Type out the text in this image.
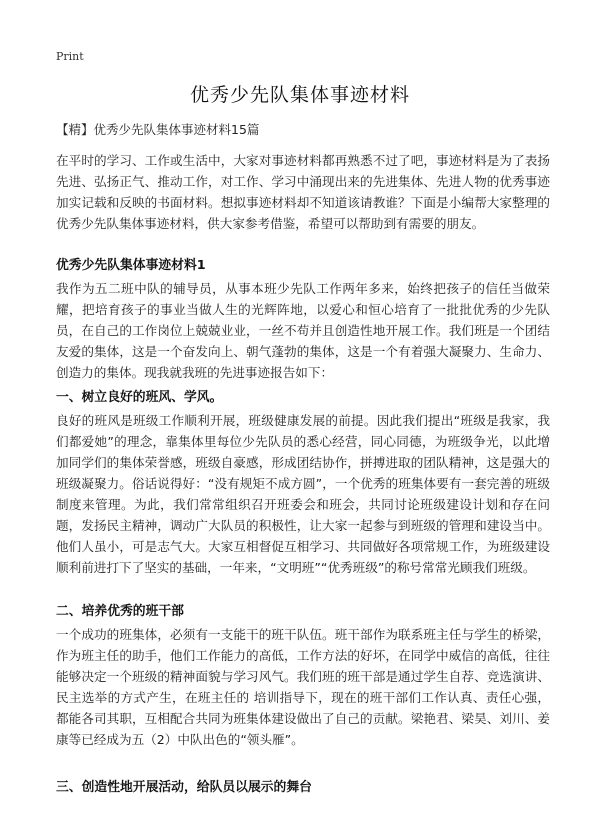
Print
优秀少先队集体事迹材料
【精】优秀少先队集体事迹材料15篇

在平时的学习、工作或生活中，大家对事迹材料都再熟悉不过了吧，事迹材料是为了表扬先进、弘扬正气、推动工作，对工作、学习中涌现出来的先进集体、先进人物的优秀事迹加实记载和反映的书面材料。想拟事迹材料却不知道该请教谁？下面是小编帮大家整理的优秀少先队集体事迹材料，供大家参考借鉴，希望可以帮助到有需要的朋友。

优秀少先队集体事迹材料1

我作为五二班中队的辅导员，从事本班少先队工作两年多来，始终把孩子的信任当做荣耀，把培育孩子的事业当做人生的光辉阵地，以爱心和恒心培育了一批批优秀的少先队员，在自己的工作岗位上兢兢业业，一丝不苟并且创造性地开展工作。我们班是一个团结友爱的集体，这是一个奋发向上、朝气蓬勃的集体，这是一个有着强大凝聚力、生命力、创造力的集体。现我就我班的先进事迹报告如下：

一、树立良好的班风、学风。

良好的班风是班级工作顺利开展，班级健康发展的前提。因此我们提出“班级是我家，我们都爱她”的理念，靠集体里每位少先队员的悉心经营，同心同德，为班级争光，以此增加同学们的集体荣誉感，班级自豪感，形成团结协作，拼搏进取的团队精神，这是强大的班级凝聚力。俗话说得好：“没有规矩不成方圆”，一个优秀的班集体要有一套完善的班级制度来管理。为此，我们常常组织召开班委会和班会，共同讨论班级建设计划和存在问题，发扬民主精神，调动广大队员的积极性，让大家一起参与到班级的管理和建设当中。他们人虽小，可是志气大。大家互相督促互相学习、共同做好各项常规工作，为班级建设顺利前进打下了坚实的基础，一年来，“文明班”“优秀班级”的称号常常光顾我们班级。

二、培养优秀的班干部

一个成功的班集体，必须有一支能干的班干队伍。班干部作为联系班主任与学生的桥梁，作为班主任的助手，他们工作能力的高低，工作方法的好坏，在同学中威信的高低，往往能够决定一个班级的精神面貌与学习风气。我们班的班干部是通过学生自荐、竞选演讲、民主选举的方式产生，在班主任的 培训指导下，现在的班干部们工作认真、责任心强，都能各司其职，互相配合共同为班集体建设做出了自己的贡献。梁艳君、梁昊、刘川、姜康等已经成为五（2）中队出色的“领头雁”。

三、创造性地开展活动，给队员以展示的舞台
